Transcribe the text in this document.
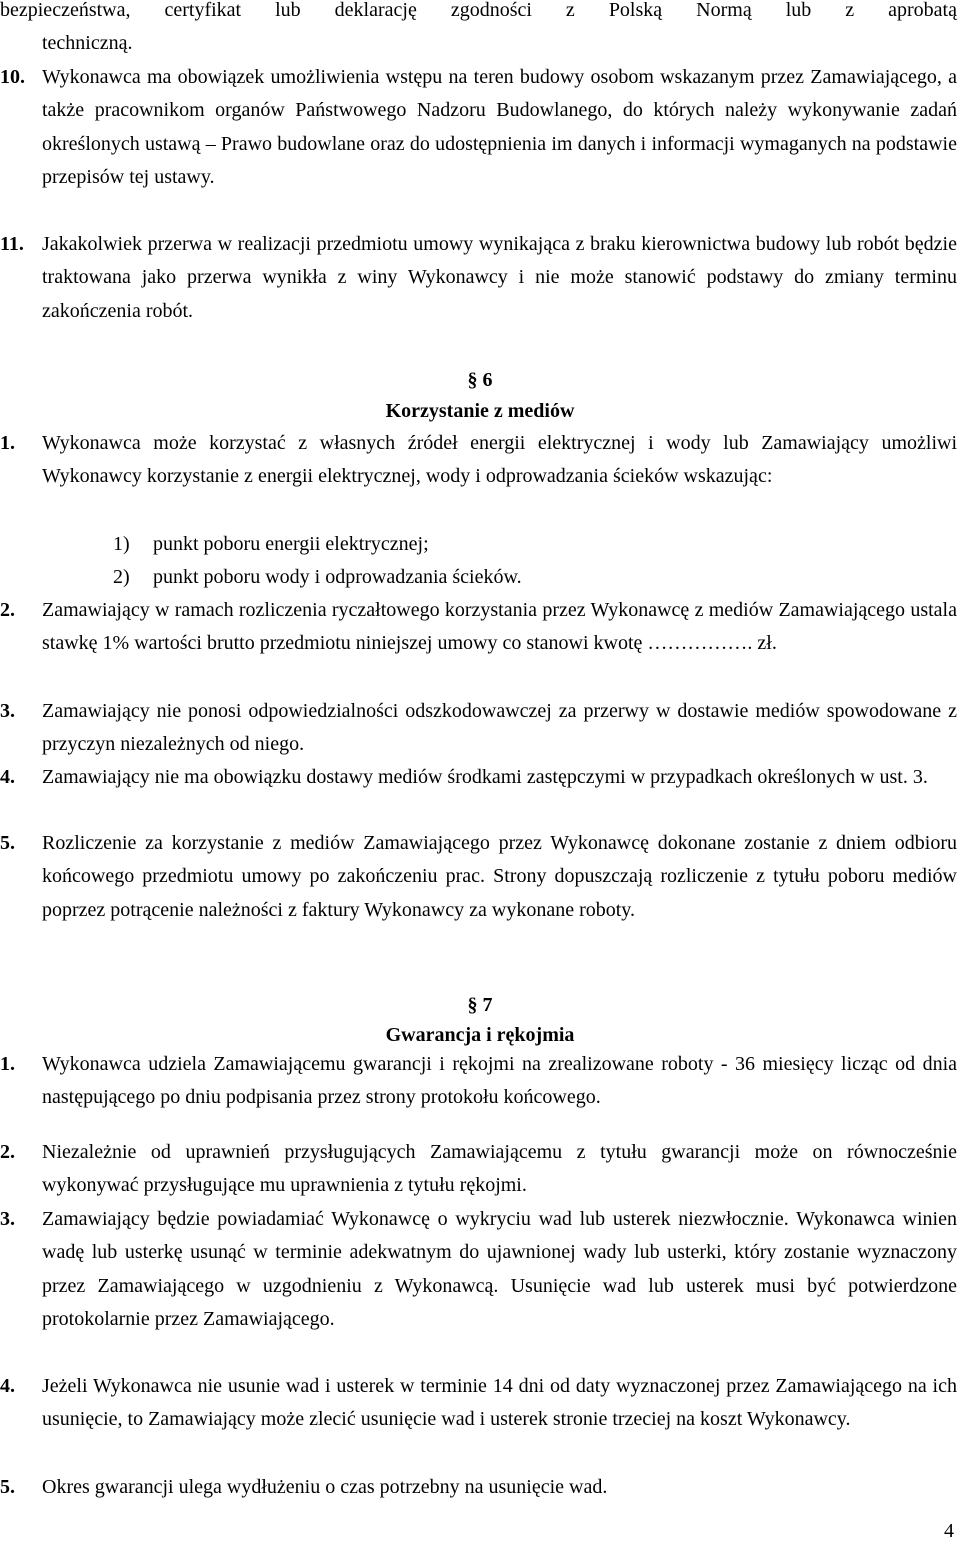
bezpieczeństwa, certyfikat lub deklarację zgodności z Polską Normą lub z aprobatą
techniczną.
10. Wykonawca ma obowiązek umożliwienia wstępu na teren budowy osobom wskazanym przez Zamawiającego, a także pracownikom organów Państwowego Nadzoru Budowlanego, do których należy wykonywanie zadań określonych ustawą – Prawo budowlane oraz do udostępnienia im danych i informacji wymaganych na podstawie przepisów tej ustawy.
11. Jakakolwiek przerwa w realizacji przedmiotu umowy wynikająca z braku kierownictwa budowy lub robót będzie traktowana jako przerwa wynikła z winy Wykonawcy i nie może stanowić podstawy do zmiany terminu zakończenia robót.
§ 6
Korzystanie z mediów
1. Wykonawca może korzystać z własnych źródeł energii elektrycznej i wody lub Zamawiający umożliwi Wykonawcy korzystanie z energii elektrycznej, wody i odprowadzania ścieków wskazując:
1) punkt poboru energii elektrycznej;
2) punkt poboru wody i odprowadzania ścieków.
2. Zamawiający w ramach rozliczenia ryczałtowego korzystania przez Wykonawcę z mediów Zamawiającego ustala stawkę 1% wartości brutto przedmiotu niniejszej umowy co stanowi kwotę ……………. zł.
3. Zamawiający nie ponosi odpowiedzialności odszkodowawczej za przerwy w dostawie mediów spowodowane z przyczyn niezależnych od niego.
4. Zamawiający nie ma obowiązku dostawy mediów środkami zastępczymi w przypadkach określonych w ust. 3.
5. Rozliczenie za korzystanie z mediów Zamawiającego przez Wykonawcę dokonane zostanie z dniem odbioru końcowego przedmiotu umowy po zakończeniu prac. Strony dopuszczają rozliczenie z tytułu poboru mediów poprzez potrącenie należności z faktury Wykonawcy za wykonane roboty.
§ 7
Gwarancja i rękojmia
1. Wykonawca udziela Zamawiającemu gwarancji i rękojmi na zrealizowane roboty - 36 miesięcy licząc od dnia następującego po dniu podpisania przez strony protokołu końcowego.
2. Niezależnie od uprawnień przysługujących Zamawiającemu z tytułu gwarancji może on równocześnie wykonywać przysługujące mu uprawnienia z tytułu rękojmi.
3. Zamawiający będzie powiadamiać Wykonawcę o wykryciu wad lub usterek niezwłocznie. Wykonawca winien wadę lub usterkę usunąć w terminie adekwatnym do ujawnionej wady lub usterki, który zostanie wyznaczony przez Zamawiającego w uzgodnieniu z Wykonawcą. Usunięcie wad lub usterek musi być potwierdzone protokolarnie przez Zamawiającego.
4. Jeżeli Wykonawca nie usunie wad i usterek w terminie 14 dni od daty wyznaczonej przez Zamawiającego na ich usunięcie, to Zamawiający może zlecić usunięcie wad i usterek stronie trzeciej na koszt Wykonawcy.
5. Okres gwarancji ulega wydłużeniu o czas potrzebny na usunięcie wad.
4
